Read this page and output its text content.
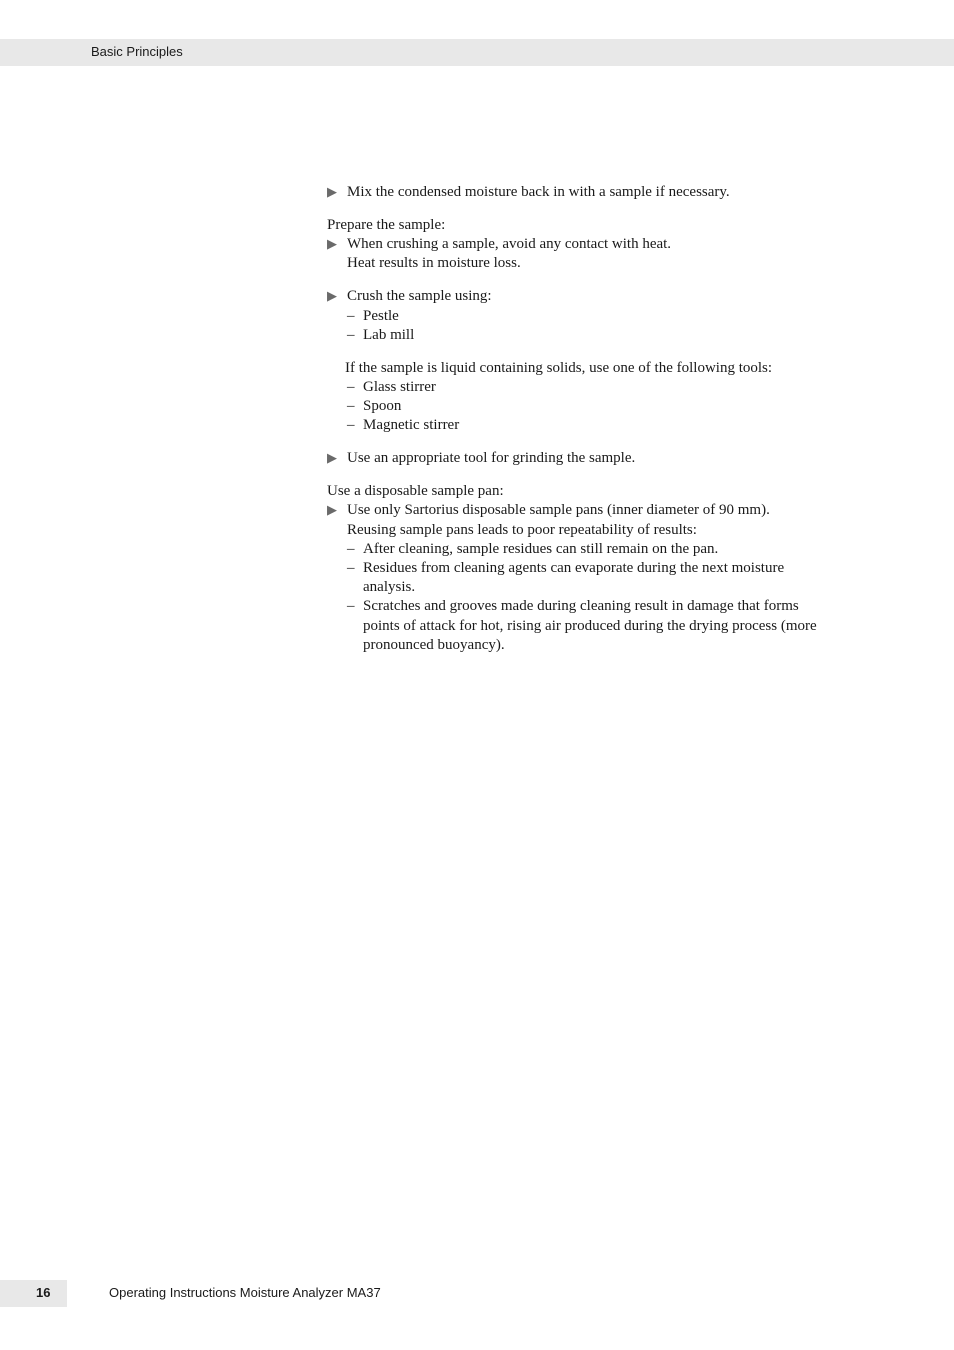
Basic Principles
▶ Mix the condensed moisture back in with a sample if necessary.
Prepare the sample:
▶ When crushing a sample, avoid any contact with heat.
Heat results in moisture loss.
▶ Crush the sample using:
– Pestle
– Lab mill
If the sample is liquid containing solids, use one of the following tools:
– Glass stirrer
– Spoon
– Magnetic stirrer
▶ Use an appropriate tool for grinding the sample.
Use a disposable sample pan:
▶ Use only Sartorius disposable sample pans (inner diameter of 90 mm).
Reusing sample pans leads to poor repeatability of results:
– After cleaning, sample residues can still remain on the pan.
– Residues from cleaning agents can evaporate during the next moisture
analysis.
– Scratches and grooves made during cleaning result in damage that forms
points of attack for hot, rising air produced during the drying process (more
pronounced buoyancy).
16	Operating Instructions Moisture Analyzer MA37
